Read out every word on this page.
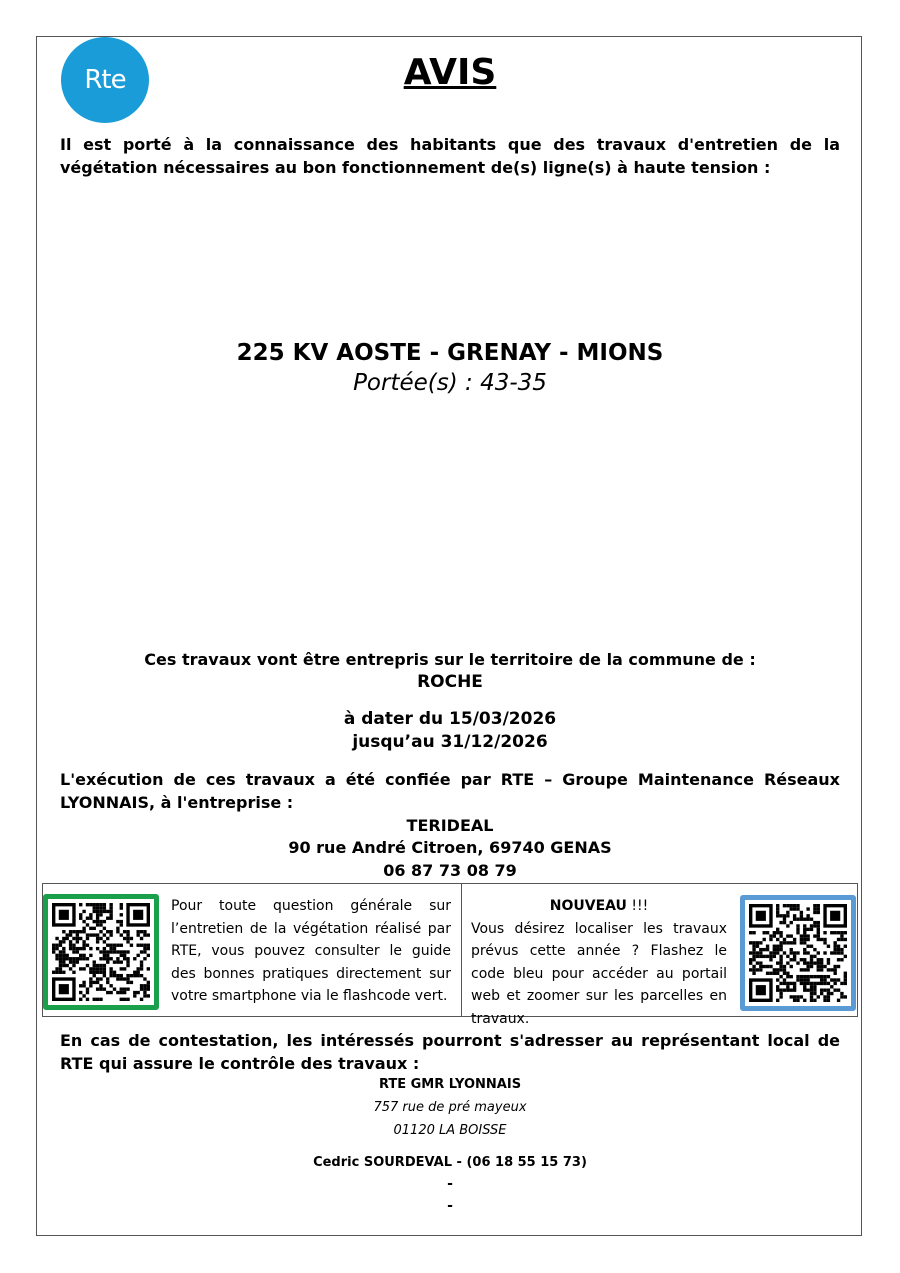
Rte	AVIS
Il est porté à la connaissance des habitants que des travaux d'entretien de la végétation nécessaires au bon fonctionnement de(s) ligne(s) à haute tension :
225 KV AOSTE - GRENAY - MIONS
Portée(s) : 43-35
Ces travaux vont être entrepris sur le territoire de la commune de :
ROCHE
à dater du 15/03/2026
jusqu’au 31/12/2026
L'exécution de ces travaux a été confiée par RTE – Groupe Maintenance Réseaux LYONNAIS, à l'entreprise :
TERIDEAL
90 rue André Citroen, 69740 GENAS
06 87 73 08 79
Pour toute question générale sur l’entretien de la végétation réalisé par RTE, vous pouvez consulter le guide des bonnes pratiques directement sur votre smartphone via le flashcode vert.
NOUVEAU !!!
Vous désirez localiser les travaux prévus cette année ? Flashez le code bleu pour accéder au portail web et zoomer sur les parcelles en travaux.
En cas de contestation, les intéressés pourront s'adresser au représentant local de RTE qui assure le contrôle des travaux :
RTE GMR LYONNAIS
757 rue de pré mayeux
01120 LA BOISSE
Cedric SOURDEVAL - (06 18 55 15 73)
-
-
